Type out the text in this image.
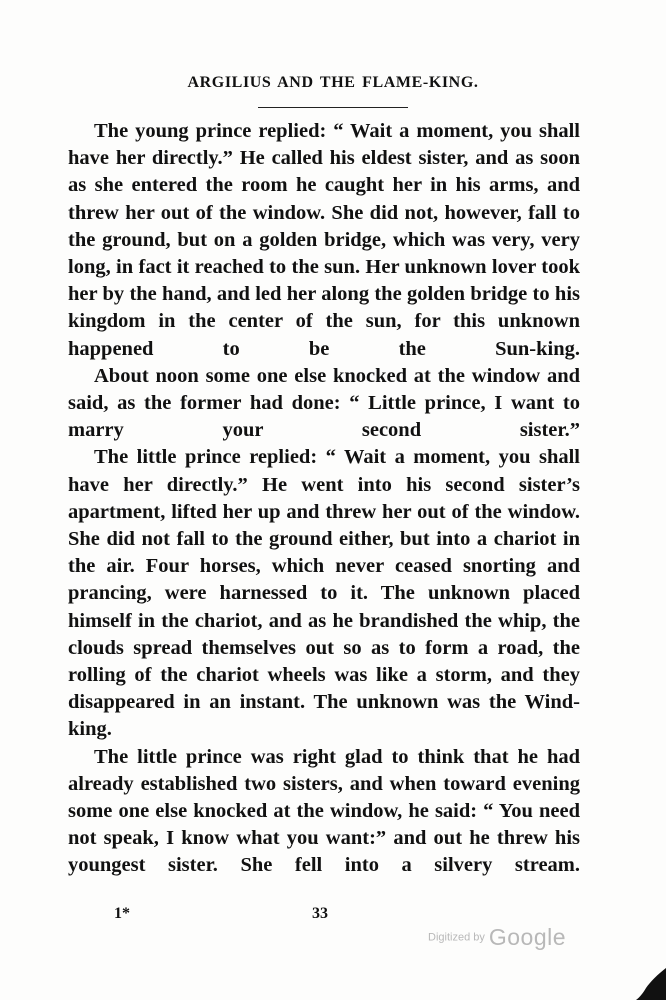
ARGILIUS AND THE FLAME-KING.

The young prince replied: “ Wait a moment, you shall have her directly.” He called his eldest sister, and as soon as she entered the room he caught her in his arms, and threw her out of the window. She did not, however, fall to the ground, but on a golden bridge, which was very, very long, in fact it reached to the sun. Her unknown lover took her by the hand, and led her along the golden bridge to his kingdom in the center of the sun, for this unknown happened to be the Sun-king.

About noon some one else knocked at the window and said, as the former had done: “ Little prince, I want to marry your second sister.”

The little prince replied: “ Wait a moment, you shall have her directly.” He went into his second sister’s apartment, lifted her up and threw her out of the window. She did not fall to the ground either, but into a chariot in the air. Four horses, which never ceased snorting and prancing, were harnessed to it. The unknown placed himself in the chariot, and as he brandished the whip, the clouds spread themselves out so as to form a road, the rolling of the chariot wheels was like a storm, and they disappeared in an instant. The unknown was the Wind-king.

The little prince was right glad to think that he had already established two sisters, and when toward evening some one else knocked at the window, he said: “ You need not speak, I know what you want:” and out he threw his youngest sister. She fell into a silvery stream.

1*	33
Digitized by Google
